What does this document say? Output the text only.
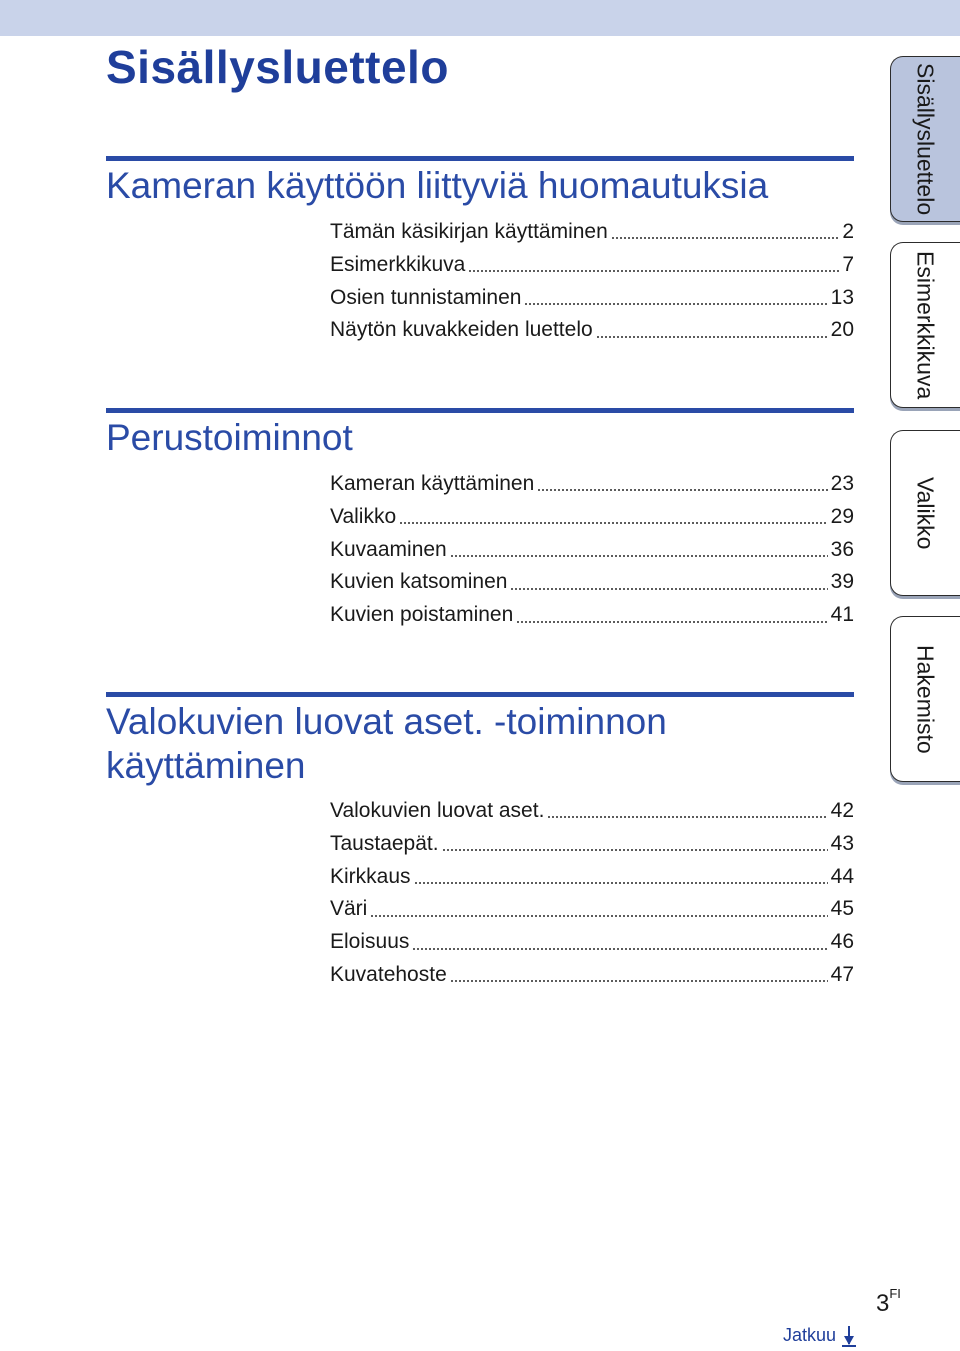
Sisällysluettelo
Kameran käyttöön liittyviä huomautuksia
Tämän käsikirjan käyttäminen	2
Esimerkkikuva	7
Osien tunnistaminen	13
Näytön kuvakkeiden luettelo	20
Perustoiminnot
Kameran käyttäminen	23
Valikko	29
Kuvaaminen	36
Kuvien katsominen	39
Kuvien poistaminen	41
Valokuvien luovat aset. -toiminnon käyttäminen
Valokuvien luovat aset.	42
Taustaepät.	43
Kirkkaus	44
Väri	45
Eloisuus	46
Kuvatehoste	47
Sisällysluettelo
Esimerkkikuva
Valikko
Hakemisto
$3^{FI}$
Jatkuu
